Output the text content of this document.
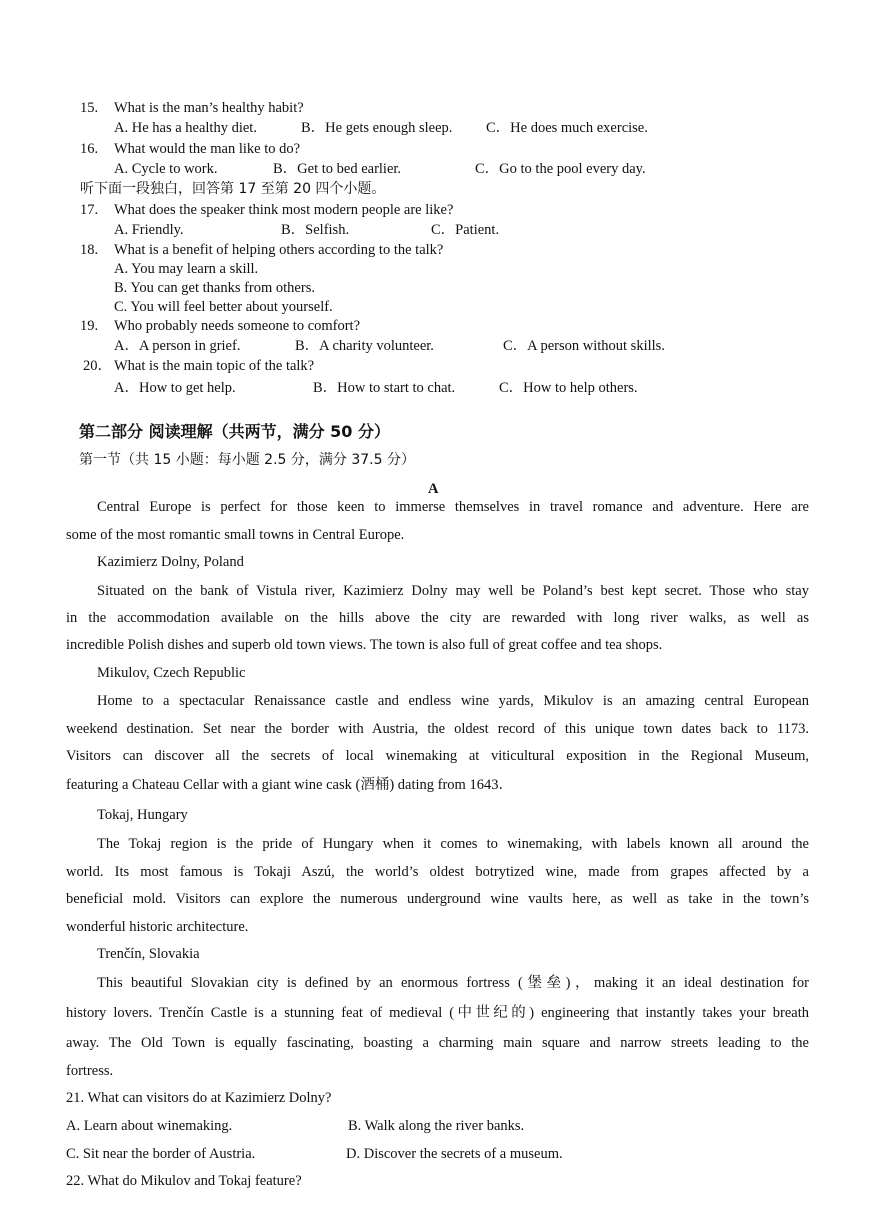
15. What is the man’s healthy habit?
A. He has a healthy diet.	B．He gets enough sleep. C．He does much exercise.
16. What would the man like to do?
A. Cycle to work.	B．Get to bed earlier.	C．Go to the pool every day.
听下面一段独白，回答第 17 至第 20 四个小题。
17. What does the speaker think most modern people are like?
A. Friendly.	B．Selfish.	C．Patient.
18. What is a benefit of helping others according to the talk?
A. You may learn a skill.
B. You can get thanks from others.
C. You will feel better about yourself.
19. Who probably needs someone to comfort?
A．A person in grief.	B．A charity volunteer.	C．A person without skills.
20． What is the main topic of the talk?
A．How to get help.	B．How to start to chat.	C．How to help others.
第二部分 阅读理解（共两节，满分 50 分）
第一节（共 15 小题：每小题 2.5 分，满分 37.5 分）
A
Central Europe is perfect for those keen to immerse themselves in travel romance and adventure. Here are
some of the most romantic small towns in Central Europe.
Kazimierz Dolny, Poland
Situated on the bank of Vistula river, Kazimierz Dolny may well be Poland’s best kept secret. Those who stay
in the accommodation available on the hills above the city are rewarded with long river walks, as well as
incredible Polish dishes and superb old town views. The town is also full of great coffee and tea shops.
Mikulov, Czech Republic
Home to a spectacular Renaissance castle and endless wine yards, Mikulov is an amazing central European
weekend destination. Set near the border with Austria, the oldest record of this unique town dates back to 1173.
Visitors can discover all the secrets of local winemaking at viticultural exposition in the Regional Museum,
featuring a Chateau Cellar with a giant wine cask (酒桶) dating from 1643．
Tokaj, Hungary
The Tokaj region is the pride of Hungary when it comes to winemaking, with labels known all around the
world. Its most famous is Tokaji Aszú, the world’s oldest botrytized wine, made from grapes affected by a
beneficial mold. Visitors can explore the numerous underground wine vaults here, as well as take in the town’s
wonderful historic architecture.
Trenčín, Slovakia
This beautiful Slovakian city is defined by an enormous fortress (堡垒)，making it an ideal destination for
history lovers. Trenčín Castle is a stunning feat of medieval (中世纪的) engineering that instantly takes your breath
away. The Old Town is equally fascinating, boasting a charming main square and narrow streets leading to the
fortress.
21. What can visitors do at Kazimierz Dolny?
A. Learn about winemaking.	B. Walk along the river banks.
C. Sit near the border of Austria.	D. Discover the secrets of a museum.
22. What do Mikulov and Tokaj feature?
